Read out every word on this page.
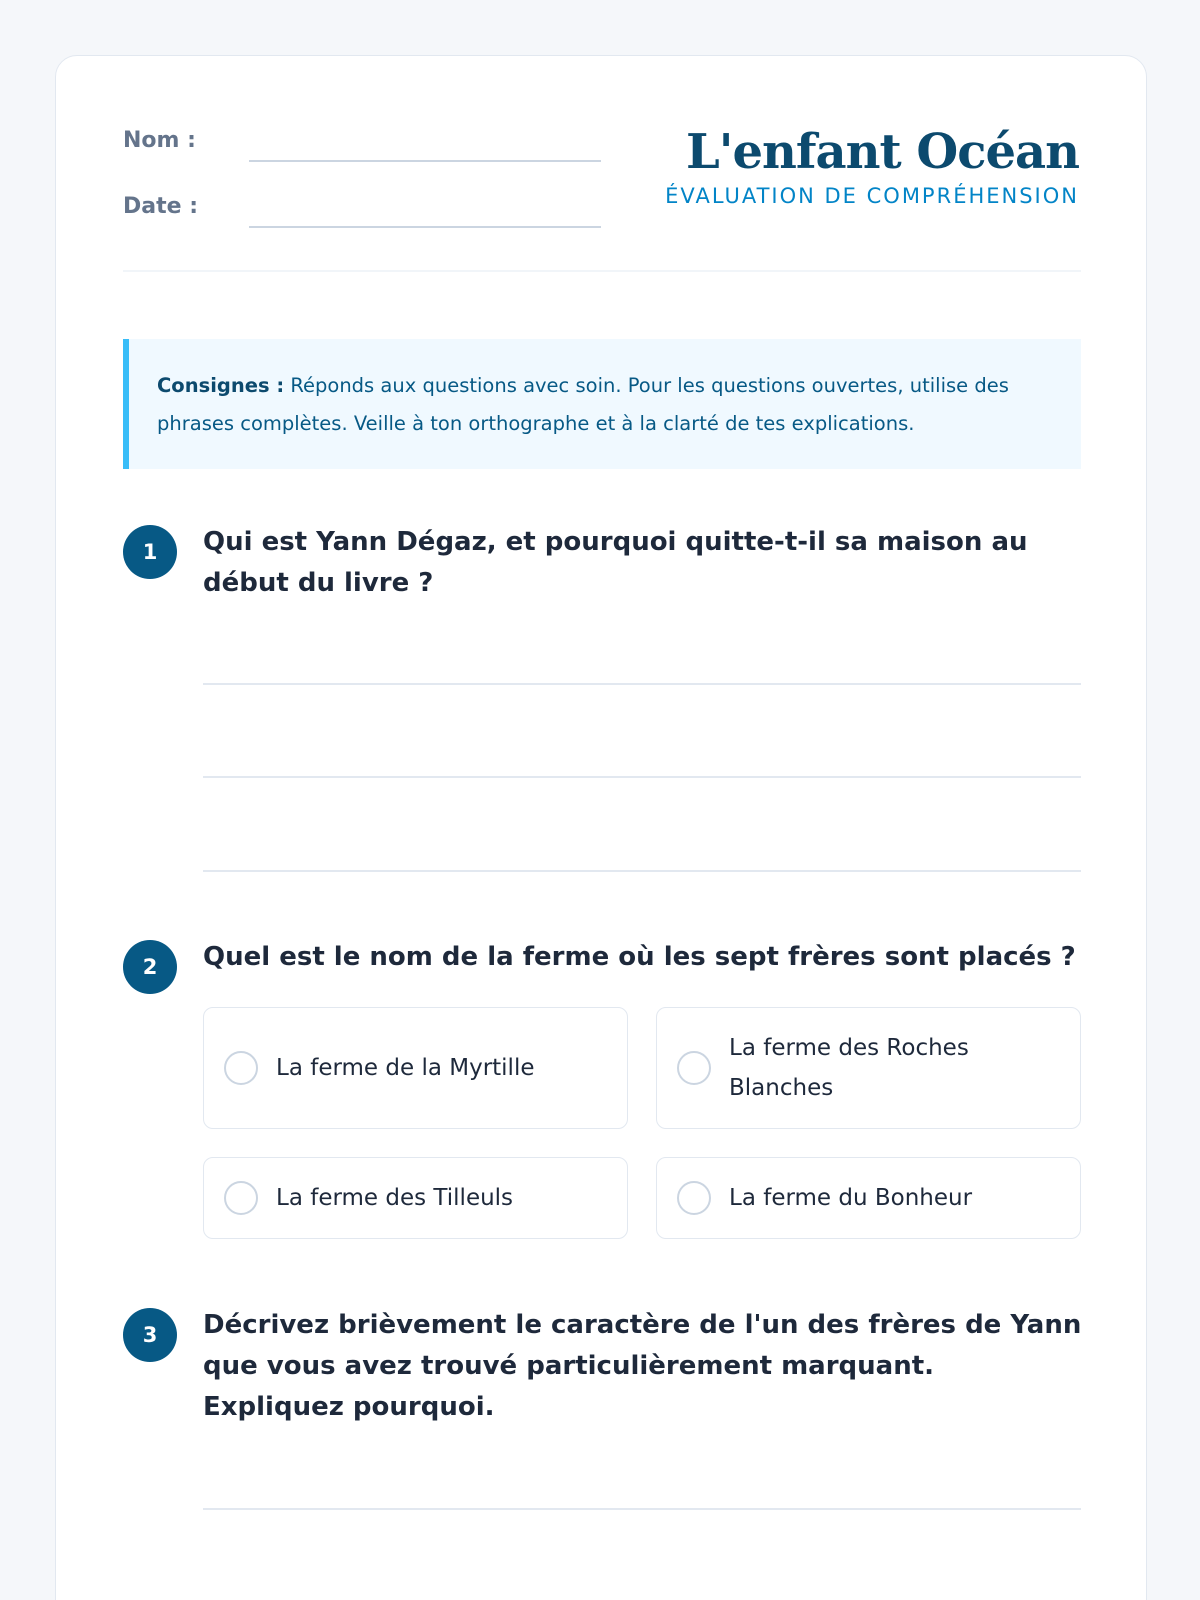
Nom :
Date :
L'enfant Océan
ÉVALUATION DE COMPRÉHENSION
Consignes : Réponds aux questions avec soin. Pour les questions ouvertes, utilise des phrases complètes. Veille à ton orthographe et à la clarté de tes explications.
1	Qui est Yann Dégaz, et pourquoi quitte-t-il sa maison au début du livre ?
2	Quel est le nom de la ferme où les sept frères sont placés ?
La ferme de la Myrtille
La ferme des Roches Blanches
La ferme des Tilleuls	La ferme du Bonheur
3	Décrivez brièvement le caractère de l'un des frères de Yann que vous avez trouvé particulièrement marquant. Expliquez pourquoi.
